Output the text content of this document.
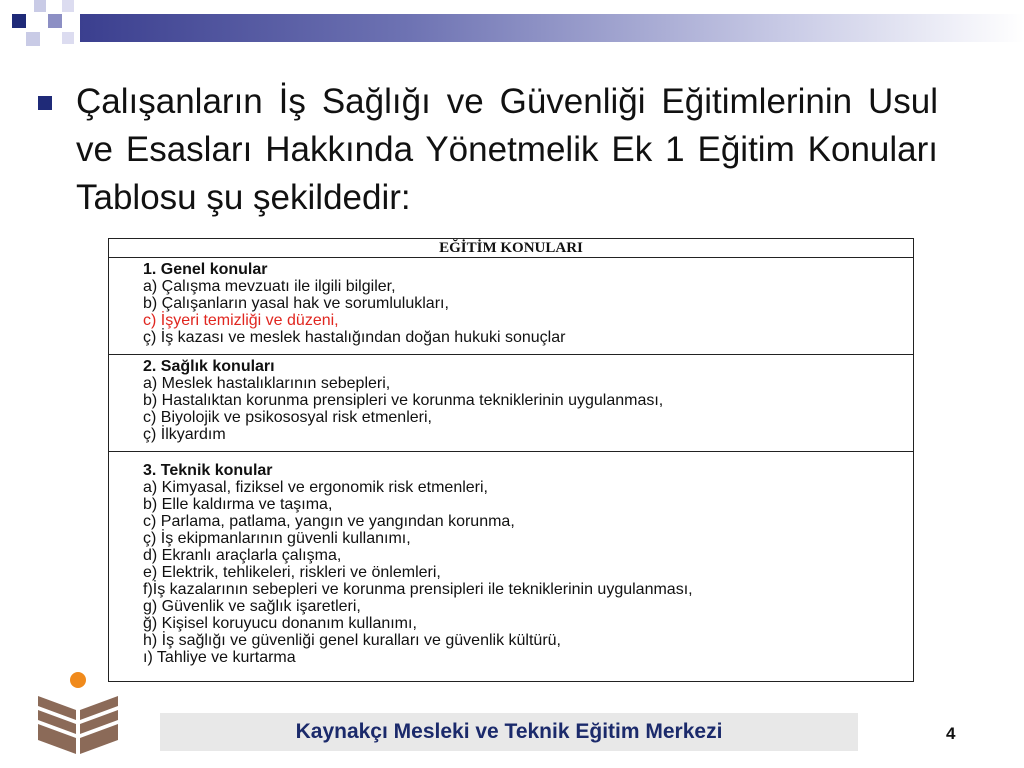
Çalışanların İş Sağlığı ve Güvenliği Eğitimlerinin Usul ve Esasları Hakkında Yönetmelik Ek 1 Eğitim Konuları Tablosu şu şekildedir:
EĞİTİM KONULARI
1. Genel konular
a) Çalışma mevzuatı ile ilgili bilgiler,
b) Çalışanların yasal hak ve sorumlulukları,
c) İşyeri temizliği ve düzeni,
ç) İş kazası ve meslek hastalığından doğan hukuki sonuçlar
2. Sağlık konuları
a) Meslek hastalıklarının sebepleri,
b) Hastalıktan korunma prensipleri ve korunma tekniklerinin uygulanması,
c) Biyolojik ve psikososyal risk etmenleri,
ç) İlkyardım
3. Teknik konular
a) Kimyasal, fiziksel ve ergonomik risk etmenleri,
b) Elle kaldırma ve taşıma,
c) Parlama, patlama, yangın ve yangından korunma,
ç) İş ekipmanlarının güvenli kullanımı,
d) Ekranlı araçlarla çalışma,
e) Elektrik, tehlikeleri, riskleri ve önlemleri,
f)İş kazalarının sebepleri ve korunma prensipleri ile tekniklerinin uygulanması,
g) Güvenlik ve sağlık işaretleri,
ğ) Kişisel koruyucu donanım kullanımı,
h) İş sağlığı ve güvenliği genel kuralları ve güvenlik kültürü,
ı) Tahliye ve kurtarma
Kaynakçı Mesleki ve Teknik Eğitim Merkezi	4
